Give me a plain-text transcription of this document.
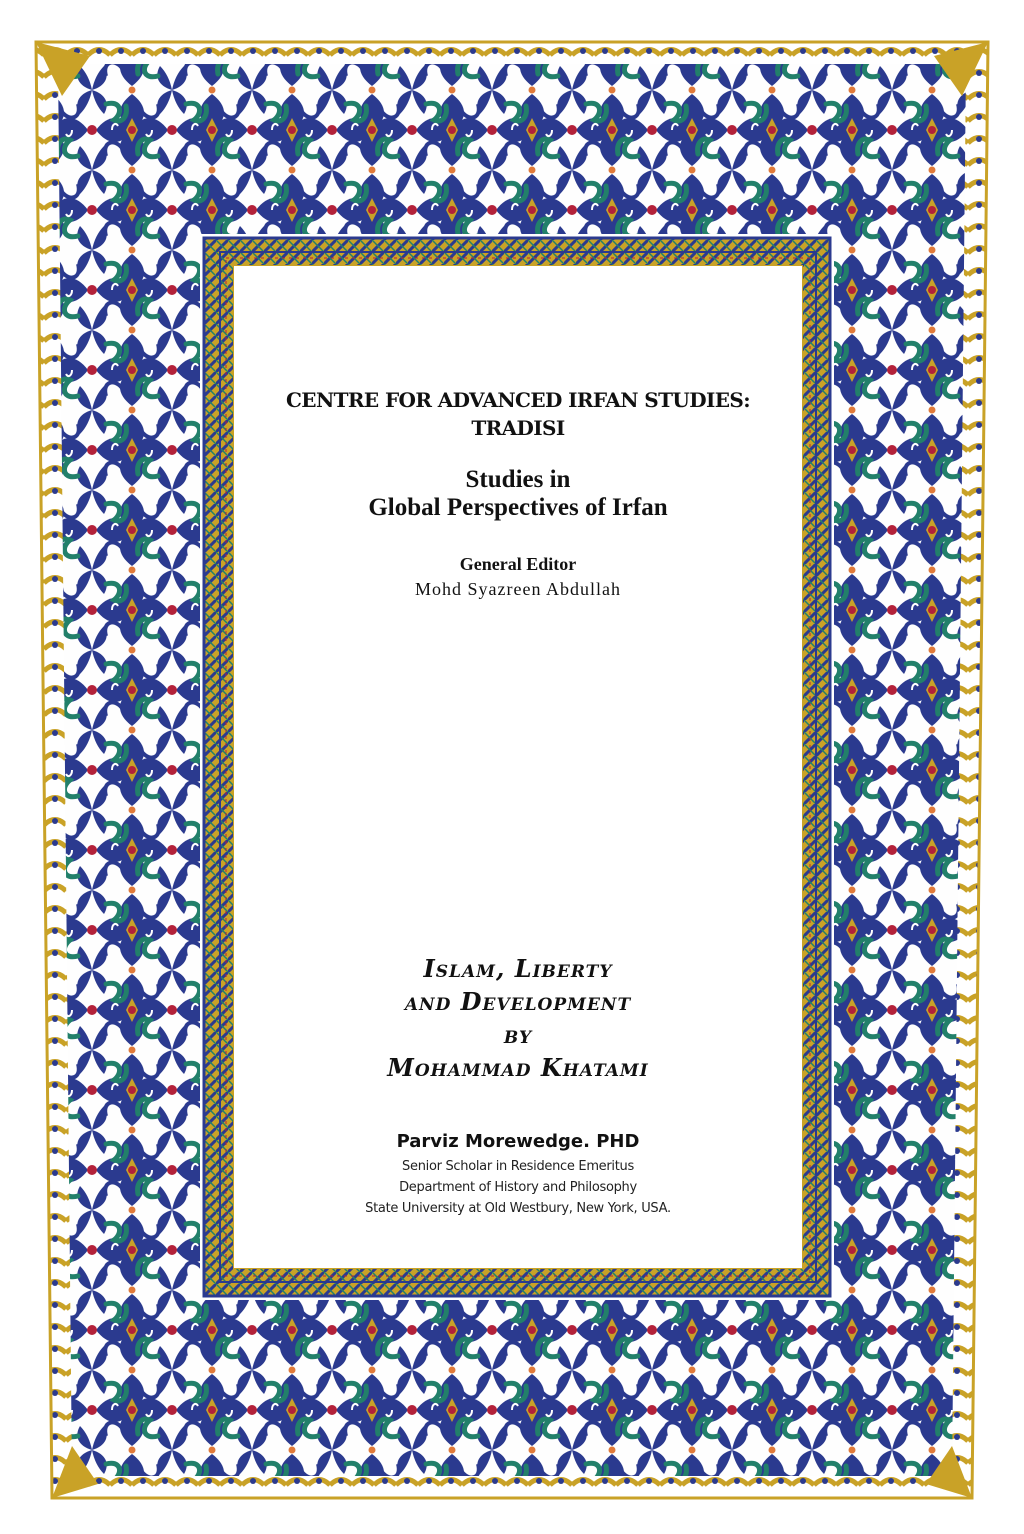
CENTRE FOR ADVANCED IRFAN STUDIES:
TRADISI
Studies in
Global Perspectives of Irfan
General Editor
Mohd Syazreen Abdullah
Islam, Liberty
and Development
by
Mohammad Khatami
Parviz Morewedge. PHD
Senior Scholar in Residence Emeritus
Department of History and Philosophy
State University at Old Westbury, New York, USA.
